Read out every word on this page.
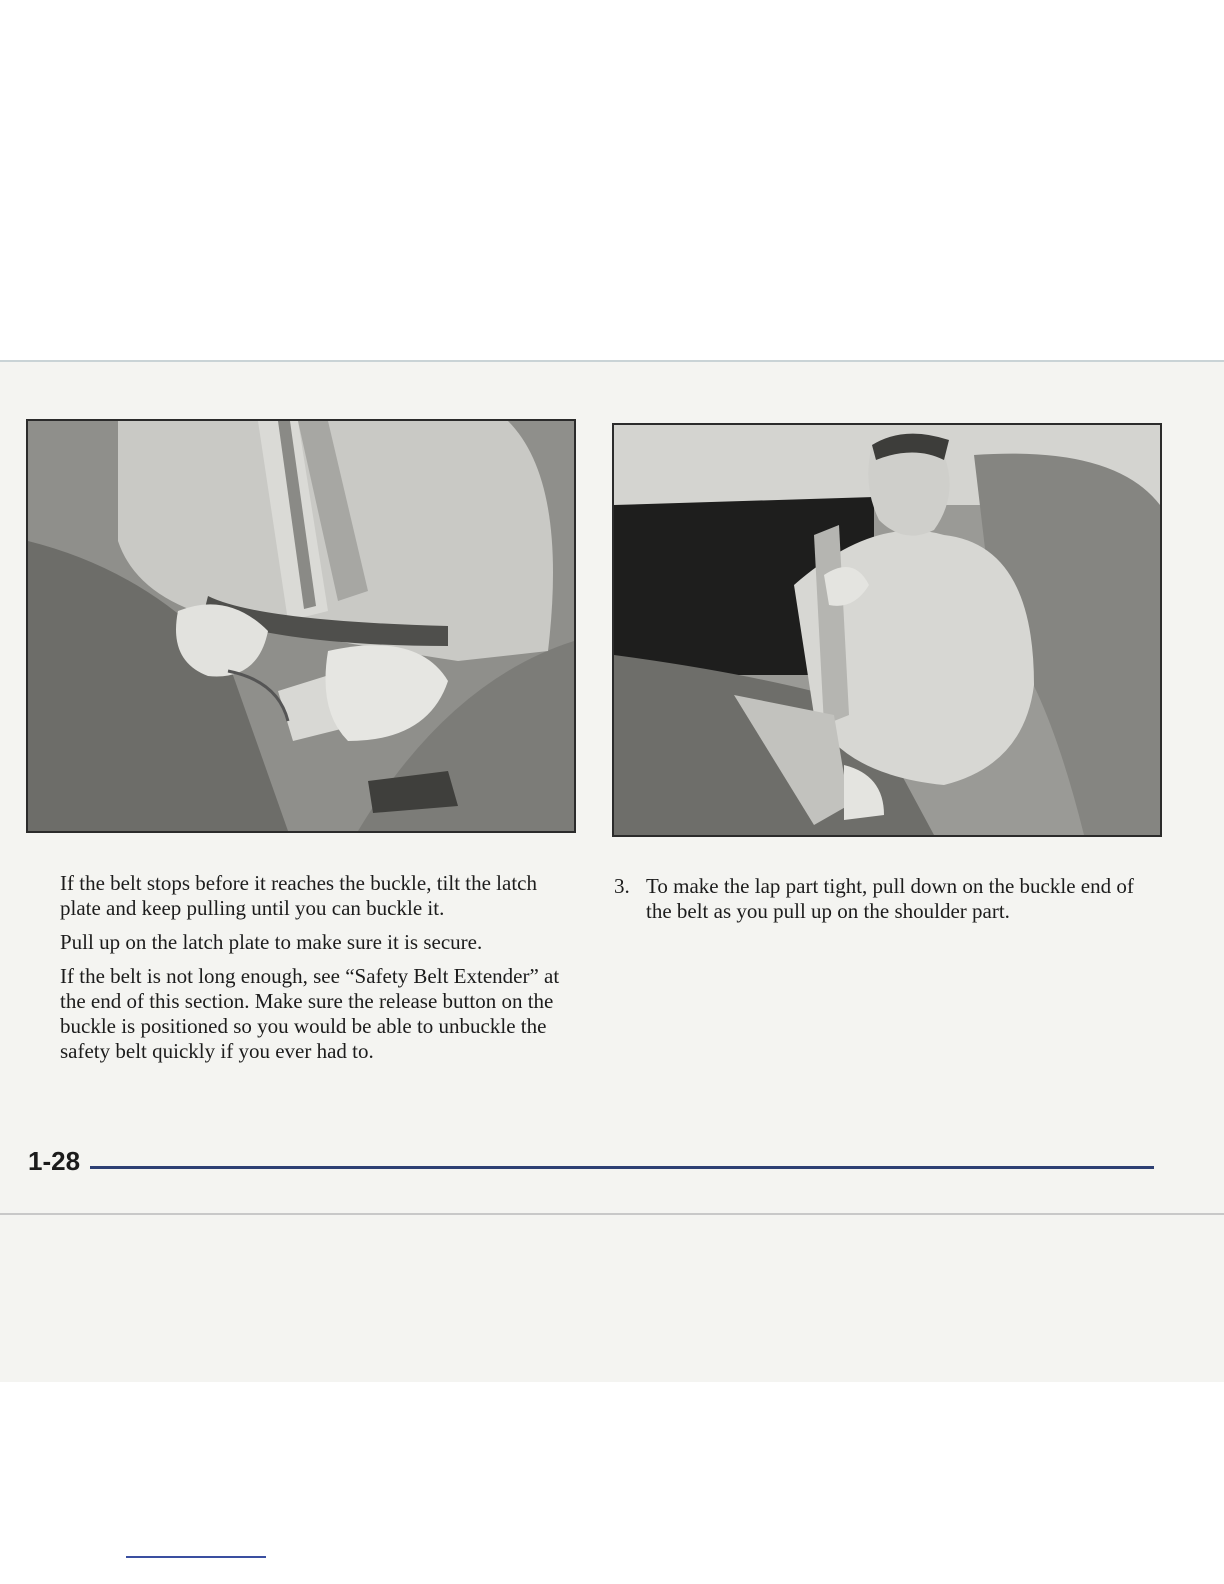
If the belt stops before it reaches the buckle, tilt the latch plate and keep pulling until you can buckle it.

Pull up on the latch plate to make sure it is secure.

If the belt is not long enough, see “Safety Belt Extender” at the end of this section. Make sure the release button on the buckle is positioned so you would be able to unbuckle the safety belt quickly if you ever had to.

3. To make the lap part tight, pull down on the buckle end of the belt as you pull up on the shoulder part.
1-28
